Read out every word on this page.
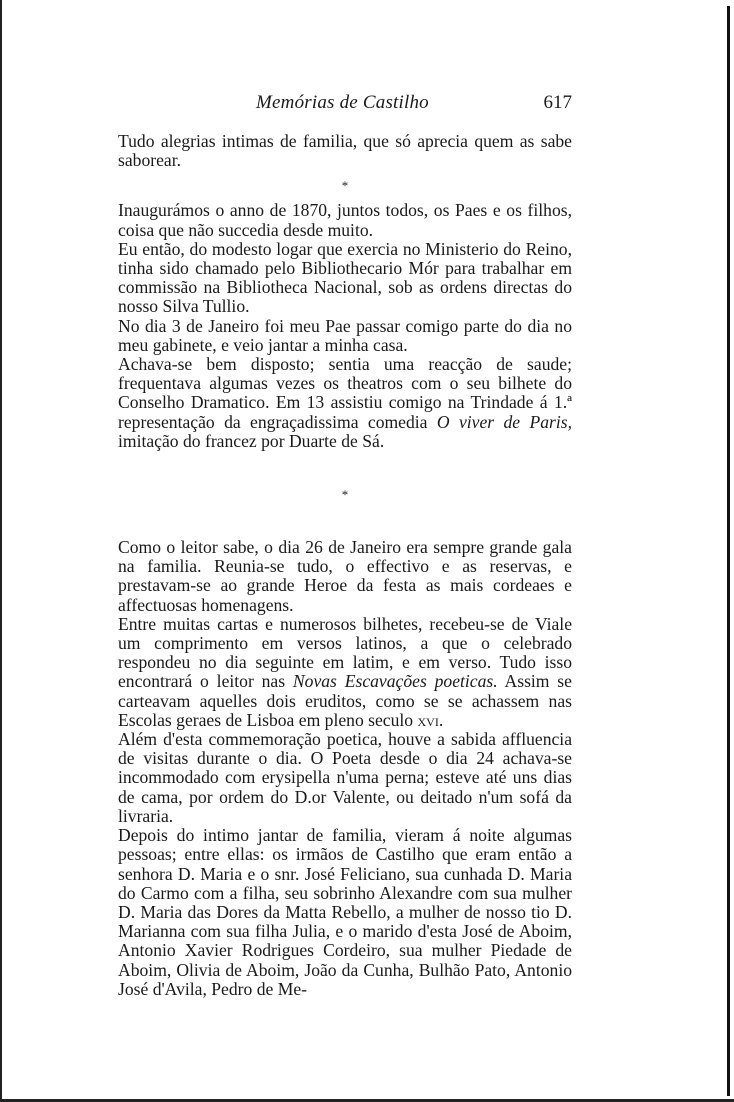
Memórias de Castilho	617

Tudo alegrias intimas de familia, que só aprecia quem as sabe saborear.

*

Inaugurámos o anno de 1870, juntos todos, os Paes e os filhos, coisa que não succedia desde muito.

Eu então, do modesto logar que exercia no Ministerio do Reino, tinha sido chamado pelo Bibliothecario Mór para trabalhar em commissão na Bibliotheca Nacional, sob as ordens directas do nosso Silva Tullio.

No dia 3 de Janeiro foi meu Pae passar comigo parte do dia no meu gabinete, e veio jantar a minha casa.

Achava-se bem disposto; sentia uma reacção de saude; frequentava algumas vezes os theatros com o seu bilhete do Conselho Dramatico. Em 13 assistiu comigo na Trindade á 1.ª representação da engraçadissima comedia O viver de Paris, imitação do francez por Duarte de Sá.

*

Como o leitor sabe, o dia 26 de Janeiro era sempre grande gala na familia. Reunia-se tudo, o effectivo e as reservas, e prestavam-se ao grande Heroe da festa as mais cordeaes e affectuosas homenagens.

Entre muitas cartas e numerosos bilhetes, recebeu-se de Viale um comprimento em versos latinos, a que o celebrado respondeu no dia seguinte em latim, e em verso. Tudo isso encontrará o leitor nas Novas Escavações poeticas. Assim se carteavam aquelles dois eruditos, como se se achassem nas Escolas geraes de Lisboa em pleno seculo xvi.

Além d'esta commemoração poetica, houve a sabida affluencia de visitas durante o dia. O Poeta desde o dia 24 achava-se incommodado com erysipella n'uma perna; esteve até uns dias de cama, por ordem do D.or Valente, ou deitado n'um sofá da livraria.

Depois do intimo jantar de familia, vieram á noite algumas pessoas; entre ellas: os irmãos de Castilho que eram então a senhora D. Maria e o snr. José Feliciano, sua cunhada D. Maria do Carmo com a filha, seu sobrinho Alexandre com sua mulher D. Maria das Dores da Matta Rebello, a mulher de nosso tio D. Marianna com sua filha Julia, e o marido d'esta José de Aboim, Antonio Xavier Rodrigues Cordeiro, sua mulher Piedade de Aboim, Olivia de Aboim, João da Cunha, Bulhão Pato, Antonio José d'Avila, Pedro de Me-
